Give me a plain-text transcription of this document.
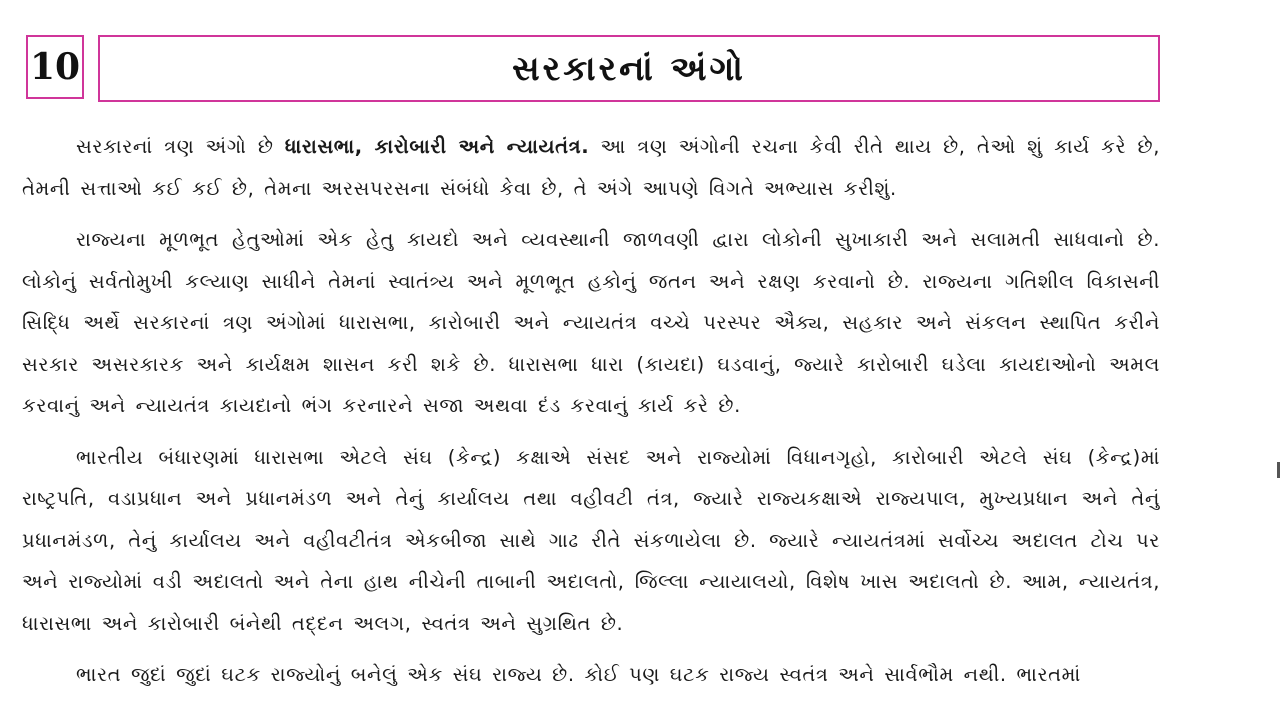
10	સરકારનાં અંગો

સરકારનાં ત્રણ અંગો છે ધારાસભા, કારોબારી અને ન્યાયતંત્ર. આ ત્રણ અંગોની રચના કેવી રીતે થાય છે, તેઓ શું કાર્ય કરે છે, તેમની સત્તાઓ કઈ કઈ છે, તેમના અરસપરસના સંબંધો કેવા છે, તે અંગે આપણે વિગતે અભ્યાસ કરીશું.

રાજ્યના મૂળભૂત હેતુઓમાં એક હેતુ કાયદો અને વ્યવસ્થાની જાળવણી દ્વારા લોકોની સુખાકારી અને સલામતી સાધવાનો છે. લોકોનું સર્વતોમુખી કલ્યાણ સાધીને તેમનાં સ્વાતંત્ર્ય અને મૂળભૂત હકોનું જતન અને રક્ષણ કરવાનો છે. રાજ્યના ગતિશીલ વિકાસની સિદ્ધિ અર્થે સરકારનાં ત્રણ અંગોમાં ધારાસભા, કારોબારી અને ન્યાયતંત્ર વચ્ચે પરસ્પર ઐક્ય, સહકાર અને સંકલન સ્થાપિત કરીને સરકાર અસરકારક અને કાર્યક્ષમ શાસન કરી શકે છે. ધારાસભા ધારા (કાયદા) ઘડવાનું, જ્યારે કારોબારી ઘડેલા કાયદાઓનો અમલ કરવાનું અને ન્યાયતંત્ર કાયદાનો ભંગ કરનારને સજા અથવા દંડ કરવાનું કાર્ય કરે છે.

ભારતીય બંધારણમાં ધારાસભા એટલે સંઘ (કેન્દ્ર) કક્ષાએ સંસદ અને રાજ્યોમાં વિધાનગૃહો, કારોબારી એટલે સંઘ (કેન્દ્ર)માં રાષ્ટ્રપતિ, વડાપ્રધાન અને પ્રધાનમંડળ અને તેનું કાર્યાલય તથા વહીવટી તંત્ર, જ્યારે રાજ્યકક્ષાએ રાજ્યપાલ, મુખ્યપ્રધાન અને તેનું પ્રધાનમંડળ, તેનું કાર્યાલય અને વહીવટીતંત્ર એકબીજા સાથે ગાઢ રીતે સંકળાયેલા છે. જ્યારે ન્યાયતંત્રમાં સર્વોચ્ચ અદાલત ટોચ પર અને રાજ્યોમાં વડી અદાલતો અને તેના હાથ નીચેની તાબાની અદાલતો, જિલ્લા ન્યાયાલયો, વિશેષ ખાસ અદાલતો છે. આમ, ન્યાયતંત્ર, ધારાસભા અને કારોબારી બંનેથી તદ્દન અલગ, સ્વતંત્ર અને સુગ્રથિત છે.

ભારત જુદાં જુદાં ઘટક રાજ્યોનું બનેલું એક સંઘ રાજ્ય છે. કોઈ પણ ઘટક રાજ્ય સ્વતંત્ર અને સાર્વભૌમ નથી. ભારતમાં
